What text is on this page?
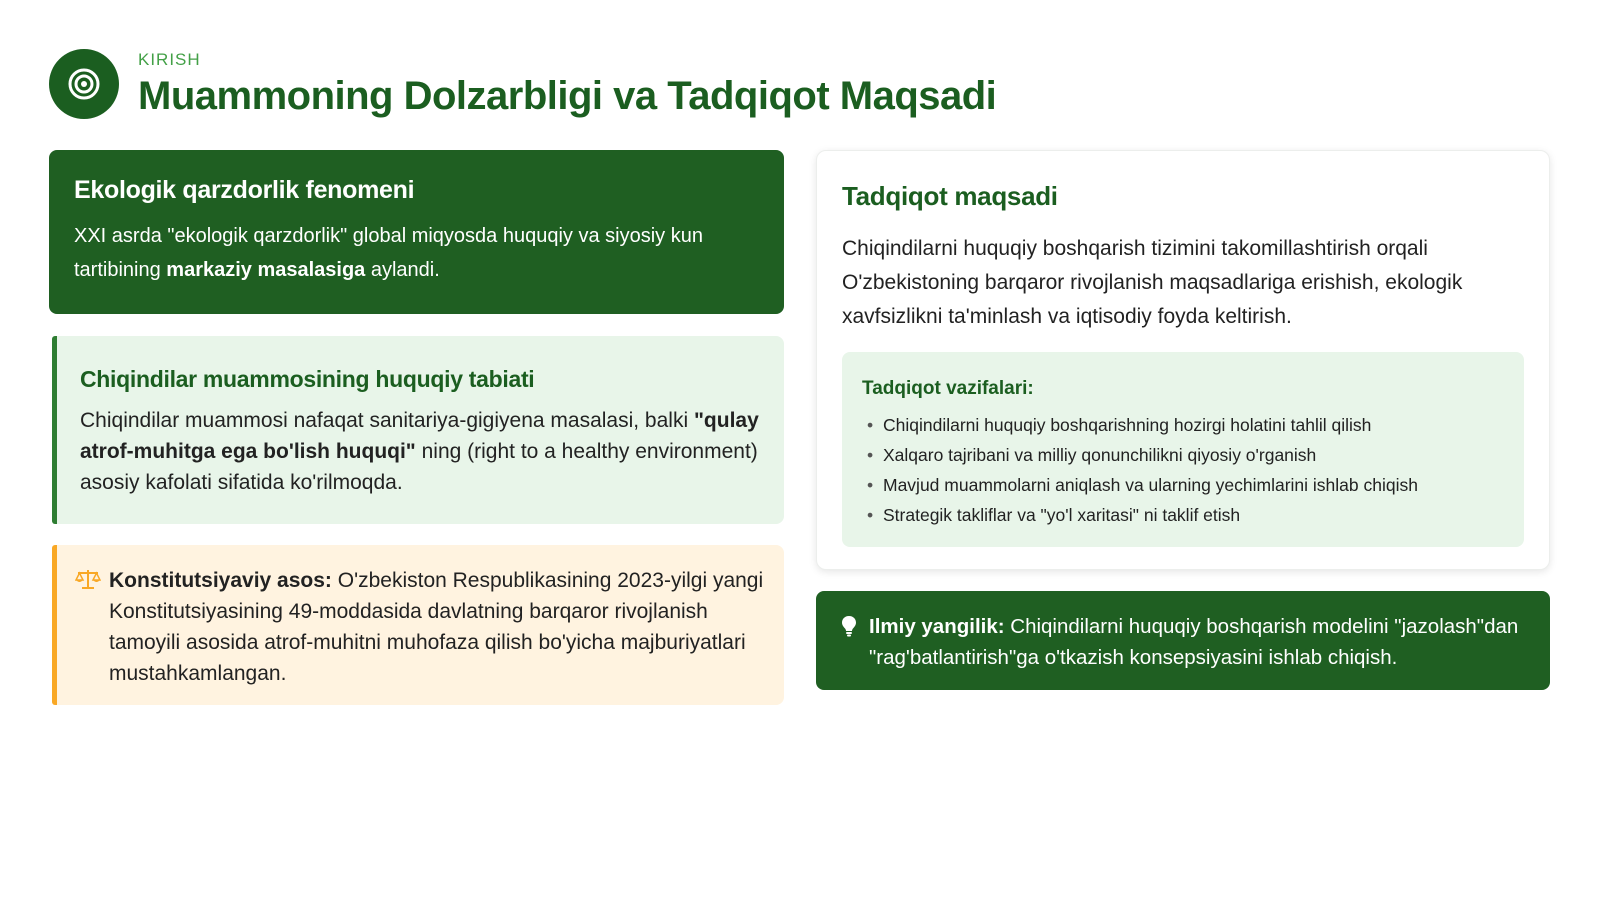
KIRISH
Muammoning Dolzarbligi va Tadqiqot Maqsadi
Ekologik qarzdorlik fenomeni

XXI asrda "ekologik qarzdorlik" global miqyosda huquqiy va siyosiy kun tartibining markaziy masalasiga aylandi.

Chiqindilar muammosining huquqiy tabiati

Chiqindilar muammosi nafaqat sanitariya-gigiyena masalasi, balki "qulay atrof-muhitga ega bo'lish huquqi" ning (right to a healthy environment) asosiy kafolati sifatida ko'rilmoqda.

Konstitutsiyaviy asos: O'zbekiston Respublikasining 2023-yilgi yangi Konstitutsiyasining 49-moddasida davlatning barqaror rivojlanish tamoyili asosida atrof-muhitni muhofaza qilish bo'yicha majburiyatlari mustahkamlangan.

Tadqiqot maqsadi

Chiqindilarni huquqiy boshqarish tizimini takomillashtirish orqali O'zbekistoning barqaror rivojlanish maqsadlariga erishish, ekologik xavfsizlikni ta'minlash va iqtisodiy foyda keltirish.

Tadqiqot vazifalari:
• Chiqindilarni huquqiy boshqarishning hozirgi holatini tahlil qilish
• Xalqaro tajribani va milliy qonunchilikni qiyosiy o'rganish
• Mavjud muammolarni aniqlash va ularning yechimlarini ishlab chiqish
• Strategik takliflar va "yo'l xaritasi" ni taklif etish

Ilmiy yangilik: Chiqindilarni huquqiy boshqarish modelini "jazolash"dan "rag'batlantirish"ga o'tkazish konsepsiyasini ishlab chiqish.
